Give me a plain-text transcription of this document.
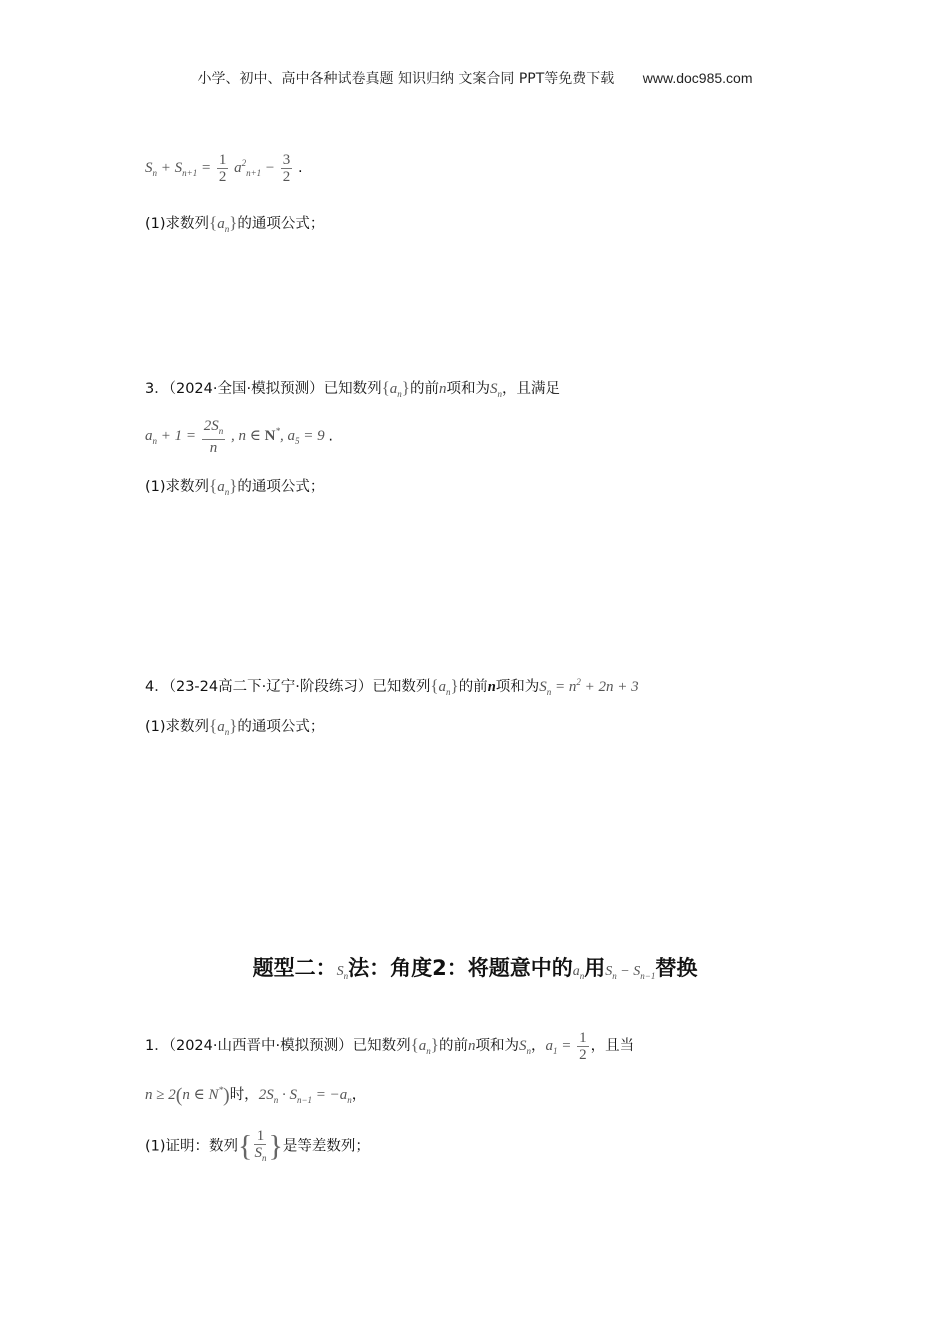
小学、初中、高中各种试卷真题 知识归纳 文案合同 PPT等免费下载 www.doc985.com
$S_n + S_{n+1} = \frac{1}{2} a^2_{n+1} - \frac{3}{2}$ .
(1)求数列$\{a_n\}$的通项公式；
3．（2024·全国·模拟预测）已知数列$\{a_n\}$的前n项和为$S_n$，且满足
$a_n + 1 = \frac{2S_n}{n}$ , n ∈ N*, $a_5 = 9$ .
(1)求数列$\{a_n\}$的通项公式；
4．（23-24高二下·辽宁·阶段练习）已知数列$\{a_n\}$的前n项和为$S_n = n^2 + 2n + 3$
(1)求数列$\{a_n\}$的通项公式；
题型二：$S_n$法：角度2：将题意中的$a_n$用$S_n - S_{n-1}$替换
1．（2024·山西晋中·模拟预测）已知数列$\{a_n\}$的前n项和为$S_n$，$a_1 = \frac{1}{2}$ ，且当
n ≥ 2(n ∈ N*)时，$2S_n \cdot S_{n-1} = -a_n$，
(1)证明：数列{ $\frac{1}{S_n}$ }是等差数列；
